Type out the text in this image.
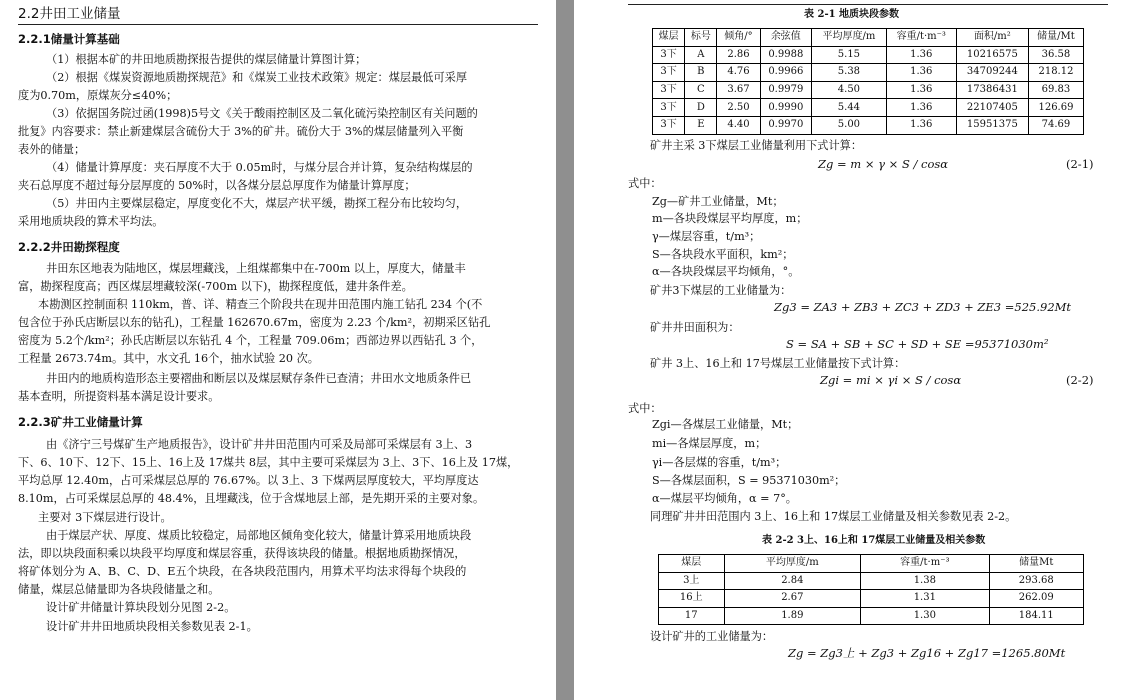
2.2井田工业储量
2.2.1储量计算基础
（1）根据本矿的井田地质勘探报告提供的煤层储量计算图计算；
（2）根据《煤炭资源地质勘探规范》和《煤炭工业技术政策》规定：煤层最低可采厚
度为0.70m，原煤灰分≤40%；
（3）依据国务院过函(1998)5号文《关于酸雨控制区及二氧化硫污染控制区有关问题的
批复》内容要求：禁止新建煤层含硫份大于 3%的矿井。硫份大于 3%的煤层储量列入平衡
表外的储量；
（4）储量计算厚度：夹石厚度不大于 0.05m时，与煤分层合并计算，复杂结构煤层的
夹石总厚度不超过每分层厚度的 50%时，以各煤分层总厚度作为储量计算厚度；
（5）井田内主要煤层稳定，厚度变化不大，煤层产状平缓，勘探工程分布比较均匀，
采用地质块段的算术平均法。
2.2.2井田勘探程度
井田东区地表为陆地区，煤层埋藏浅，上组煤都集中在-700m 以上，厚度大，储量丰
富，勘探程度高；西区煤层埋藏较深(-700m 以下)，勘探程度低，建井条件差。
本勘测区控制面积 110km，普、详、精查三个阶段共在现井田范围内施工钻孔 234 个(不
包含位于孙氏店断层以东的钻孔)，工程量 162670.67m，密度为 2.23 个/km²，初期采区钻孔
密度为 5.2个/km²；孙氏店断层以东钻孔 4 个，工程量 709.06m；西部边界以西钻孔 3 个，
工程量 2673.74m。其中，水文孔 16个，抽水试验 20 次。
井田内的地质构造形态主要褶曲和断层以及煤层赋存条件已查清；井田水文地质条件已
基本查明，所提资料基本满足设计要求。
2.2.3矿井工业储量计算
由《济宁三号煤矿生产地质报告》，设计矿井井田范围内可采及局部可采煤层有 3上、3
下、6、10下、12下、15上、16上及 17煤共 8层，其中主要可采煤层为 3上、3下、16上及 17煤，
平均总厚 12.40m，占可采煤层总厚的 76.67%。以 3上、3 下煤两层厚度较大，平均厚度达
8.10m，占可采煤层总厚的 48.4%，且埋藏浅，位于含煤地层上部，是先期开采的主要对象。
主要对 3下煤层进行设计。
由于煤层产状、厚度、煤质比较稳定，局部地区倾角变化较大，储量计算采用地质块段
法，即以块段面积乘以块段平均厚度和煤层容重，获得该块段的储量。根据地质勘探情况，
将矿体划分为 A、B、C、D、E五个块段，在各块段范围内，用算术平均法求得每个块段的
储量，煤层总储量即为各块段储量之和。
设计矿井储量计算块段划分见图 2-2。
设计矿井井田地质块段相关参数见表 2-1。
表 2-1 地质块段参数
煤层	标号	倾角/°	余弦值	平均厚度/m	容重/t·m⁻³	面积/m²	储量/Mt
3下	A	2.86	0.9988	5.15	1.36	10216575	36.58
3下	B	4.76	0.9966	5.38	1.36	34709244	218.12
3下	C	3.67	0.9979	4.50	1.36	17386431	69.83
3下	D	2.50	0.9990	5.44	1.36	22107405	126.69
3下	E	4.40	0.9970	5.00	1.36	15951375	74.69
矿井主采 3下煤层工业储量利用下式计算：
Zg = m × γ × S / cosα	(2-1)
式中：
Zg—矿井工业储量，Mt；
m—各块段煤层平均厚度，m；
γ—煤层容重，t/m³；
S—各块段水平面积，km²；
α—各块段煤层平均倾角，°。
矿井3下煤层的工业储量为：
Zg3 = ZA3 + ZB3 + ZC3 + ZD3 + ZE3 =525.92Mt
矿井井田面积为：
S = SA + SB + SC + SD + SE =95371030m²
矿井 3上、16上和 17号煤层工业储量按下式计算：
Zgi = mi × γi × S / cosα	(2-2)
式中：
Zgi—各煤层工业储量，Mt；
mi—各煤层厚度，m；
γi—各层煤的容重，t/m³；
S—各煤层面积，S = 95371030m²；
α—煤层平均倾角，α = 7°。
同理矿井井田范围内 3上、16上和 17煤层工业储量及相关参数见表 2-2。
表 2-2 3上、16上和 17煤层工业储量及相关参数
煤层	平均厚度/m	容重/t·m⁻³	储量Mt
3上	2.84	1.38	293.68
16上	2.67	1.31	262.09
17	1.89	1.30	184.11
设计矿井的工业储量为：
Zg = Zg3上 + Zg3 + Zg16 + Zg17 =1265.80Mt
